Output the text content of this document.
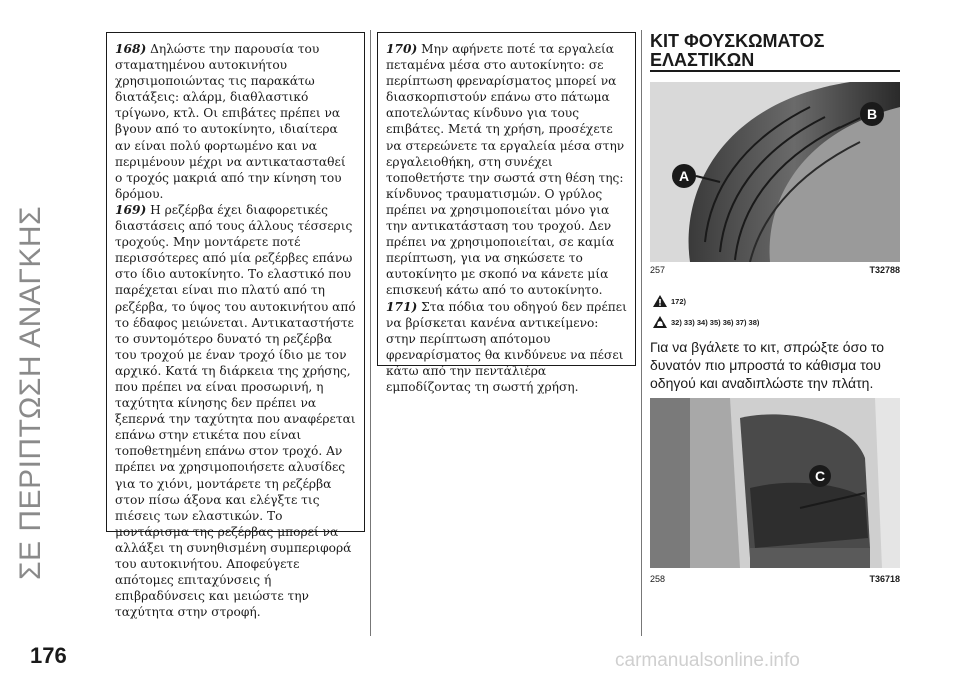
ΣΕ ΠΕΡΙΠΤΩΣΗ ΑΝΑΓΚΗΣ

168) Δηλώστε την παρουσία του σταματημένου αυτοκινήτου χρησιμοποιώντας τις παρακάτω διατάξεις: αλάρμ, διαθλαστικό τρίγωνο, κτλ. Οι επιβάτες πρέπει να βγουν από το αυτοκίνητο, ιδιαίτερα αν είναι πολύ φορτωμένο και να περιμένουν μέχρι να αντικατασταθεί ο τροχός μακριά από την κίνηση του δρόμου.

169) Η ρεζέρβα έχει διαφορετικές διαστάσεις από τους άλλους τέσσερις τροχούς. Μην μοντάρετε ποτέ περισσότερες από μία ρεζέρβες επάνω στο ίδιο αυτοκίνητο. Το ελαστικό που παρέχεται είναι πιο πλατύ από τη ρεζέρβα, το ύψος του αυτοκινήτου από το έδαφος μειώνεται. Αντικαταστήστε το συντομότερο δυνατό τη ρεζέρβα του τροχού με έναν τροχό ίδιο με τον αρχικό. Κατά τη διάρκεια της χρήσης, που πρέπει να είναι προσωρινή, η ταχύτητα κίνησης δεν πρέπει να ξεπερνά την ταχύτητα που αναφέρεται επάνω στην ετικέτα που είναι τοποθετημένη επάνω στον τροχό. Αν πρέπει να χρησιμοποιήσετε αλυσίδες για το χιόνι, μοντάρετε τη ρεζέρβα στον πίσω άξονα και ελέγξτε τις πιέσεις των ελαστικών. Το μοντάρισμα της ρεζέρβας μπορεί να αλλάξει τη συνηθισμένη συμπεριφορά του αυτοκινήτου. Αποφεύγετε απότομες επιταχύνσεις ή επιβραδύνσεις και μειώστε την ταχύτητα στην στροφή.

170) Μην αφήνετε ποτέ τα εργαλεία πεταμένα μέσα στο αυτοκίνητο: σε περίπτωση φρεναρίσματος μπορεί να διασκορπιστούν επάνω στο πάτωμα αποτελώντας κίνδυνο για τους επιβάτες. Μετά τη χρήση, προσέχετε να στερεώνετε τα εργαλεία μέσα στην εργαλειοθήκη, στη συνέχει τοποθετήστε την σωστά στη θέση της: κίνδυνος τραυματισμών. Ο γρύλος πρέπει να χρησιμοποιείται μόνο για την αντικατάσταση του τροχού. Δεν πρέπει να χρησιμοποιείται, σε καμία περίπτωση, για να σηκώσετε το αυτοκίνητο με σκοπό να κάνετε μία επισκευή κάτω από το αυτοκίνητο.

171) Στα πόδια του οδηγού δεν πρέπει να βρίσκεται κανένα αντικείμενο: στην περίπτωση απότομου φρεναρίσματος θα κινδύνευε να πέσει κάτω από την πεντάλιέρα εμποδίζοντας τη σωστή χρήση.

ΚΙΤ ΦΟΥΣΚΩΜΑΤΟΣ ΕΛΑΣΤΙΚΩΝ
A
B
257	T32788
172)
32) 33) 34) 35) 36) 37) 38)
Για να βγάλετε το κιτ, σπρώξτε όσο το δυνατόν πιο μπροστά το κάθισμα του οδηγού και αναδιπλώστε την πλάτη.
C
258	T36718
176	carmanualsonline.info
